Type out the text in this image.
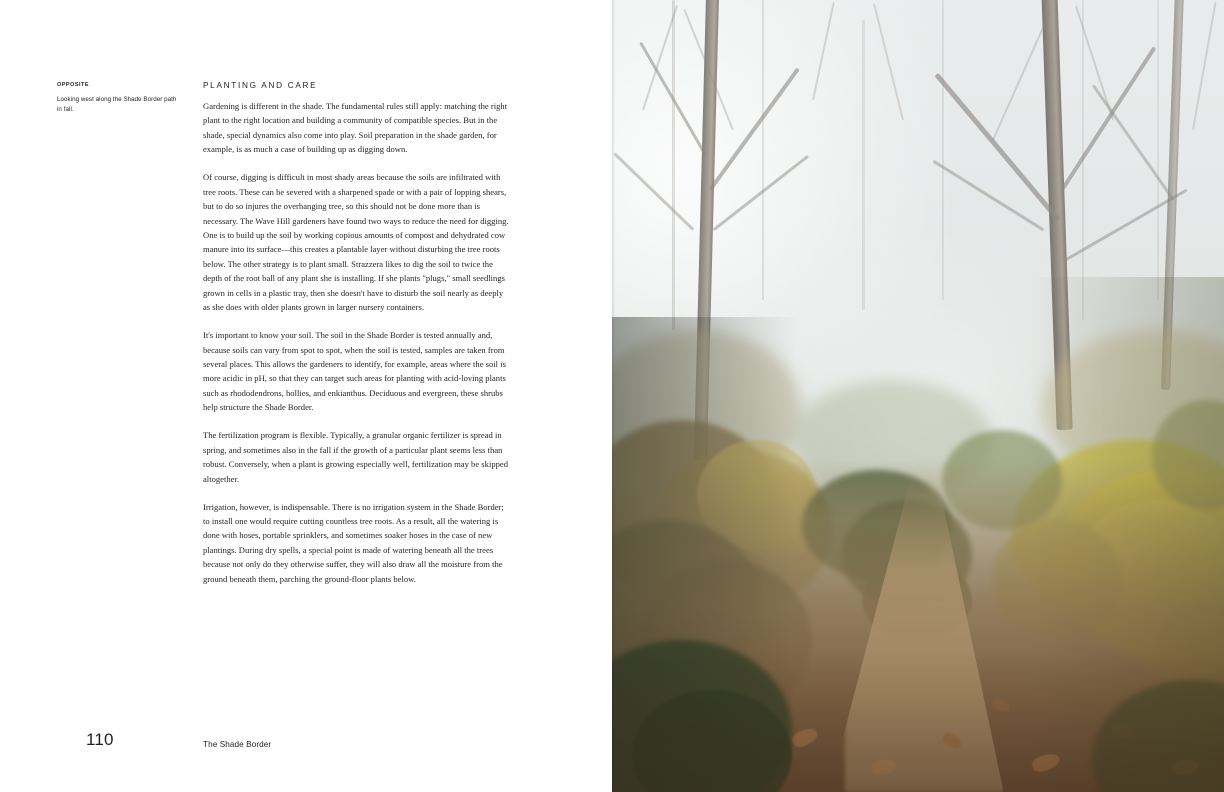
OPPOSITE
Looking west along the Shade Border path in fall.
PLANTING AND CARE

Gardening is different in the shade. The fundamental rules still apply: matching the right plant to the right location and building a community of compatible species. But in the shade, special dynamics also come into play. Soil preparation in the shade garden, for example, is as much a case of building up as digging down.

Of course, digging is difficult in most shady areas because the soils are infiltrated with tree roots. These can be severed with a sharpened spade or with a pair of lopping shears, but to do so injures the overhanging tree, so this should not be done more than is necessary. The Wave Hill gardeners have found two ways to reduce the need for digging. One is to build up the soil by working copious amounts of compost and dehydrated cow manure into its surface—this creates a plantable layer without disturbing the tree roots below. The other strategy is to plant small. Strazzera likes to dig the soil to twice the depth of the root ball of any plant she is installing. If she plants "plugs," small seedlings grown in cells in a plastic tray, then she doesn't have to disturb the soil nearly as deeply as she does with older plants grown in larger nursery containers.

It's important to know your soil. The soil in the Shade Border is tested annually and, because soils can vary from spot to spot, when the soil is tested, samples are taken from several places. This allows the gardeners to identify, for example, areas where the soil is more acidic in pH, so that they can target such areas for planting with acid-loving plants such as rhododendrons, hollies, and enkianthus. Deciduous and evergreen, these shrubs help structure the Shade Border.

The fertilization program is flexible. Typically, a granular organic fertilizer is spread in spring, and sometimes also in the fall if the growth of a particular plant seems less than robust. Conversely, when a plant is growing especially well, fertilization may be skipped altogether.

Irrigation, however, is indispensable. There is no irrigation system in the Shade Border; to install one would require cutting countless tree roots. As a result, all the watering is done with hoses, portable sprinklers, and sometimes soaker hoses in the case of new plantings. During dry spells, a special point is made of watering beneath all the trees because not only do they otherwise suffer, they will also draw all the moisture from the ground beneath them, parching the ground-floor plants below.

110	The Shade Border
